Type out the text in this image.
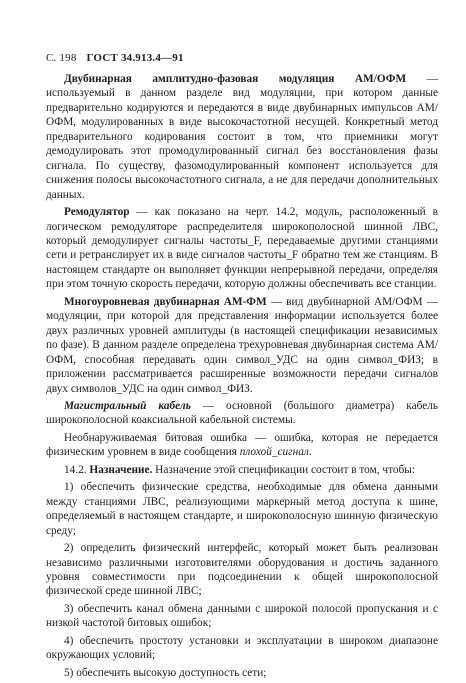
С. 198 ГОСТ 34.913.4—91

Двубинарная амплитудно-фазовая модуляция АМ/ОФМ — используемый в данном разделе вид модуляции, при котором данные предварительно кодируются и передаются в виде двубинарных импульсов АМ/ОФМ, модулированных в виде высокочастотной несущей. Конкретный метод предварительного кодирования состоит в том, что приемники могут демодулировать этот промодулированный сигнал без восстановления фазы сигнала. По существу, фазомодулированный компонент используется для снижения полосы высокочастотного сигнала, а не для передачи дополнительных данных.

Ремодулятор — как показано на черт. 14.2, модуль, расположенный в логическом ремодуляторе распределителя широкополосной шинной ЛВС, который демодулирует сигналы частоты_F, передаваемые другими станциями сети и ретранслирует их в виде сигналов частоты_F обратно тем же станциям. В настоящем стандарте он выполняет функции непрерывной передачи, определяя при этом точную скорость передачи, которую должны обеспечивать все станции.

Многоуровневая двубинарная АМ-ФМ — вид двубинарной АМ/ОФМ — модуляции, при которой для представления информации используется более двух различных уровней амплитуды (в настоящей спецификации независимых по фазе). В данном разделе определена трехуровневая двубинарная система АМ/ОФМ, способная передавать один символ_УДС на один символ_ФИЗ; в приложении рассматривается расширенные возможности передачи сигналов двух символов_УДС на один символ_ФИЗ.

Магистральный кабель — основной (большого диаметра) кабель широкополосной коаксиальной кабельной системы.

Необнаруживаемая битовая ошибка — ошибка, которая не передается физическим уровнем в виде сообщения плохой_сигнал.

14.2. Назначение. Назначение этой спецификации состоит в том, чтобы:

1) обеспечить физические средства, необходимые для обмена данными между станциями ЛВС, реализующими маркерный метод доступа к шине, определяемый в настоящем стандарте, и широкополосную шинную физическую среду;

2) определить физический интерфейс, который может быть реализован независимо различными изготовителями оборудования и достичь заданного уровня совместимости при подсоединении к общей широкополосной физической среде шинной ЛВС;

3) обеспечить канал обмена данными с широкой полосой пропускания и с низкой частотой битовых ошибок;

4) обеспечить простоту установки и эксплуатации в широком диапазоне окружающих условий;

5) обеспечить высокую доступность сети;
